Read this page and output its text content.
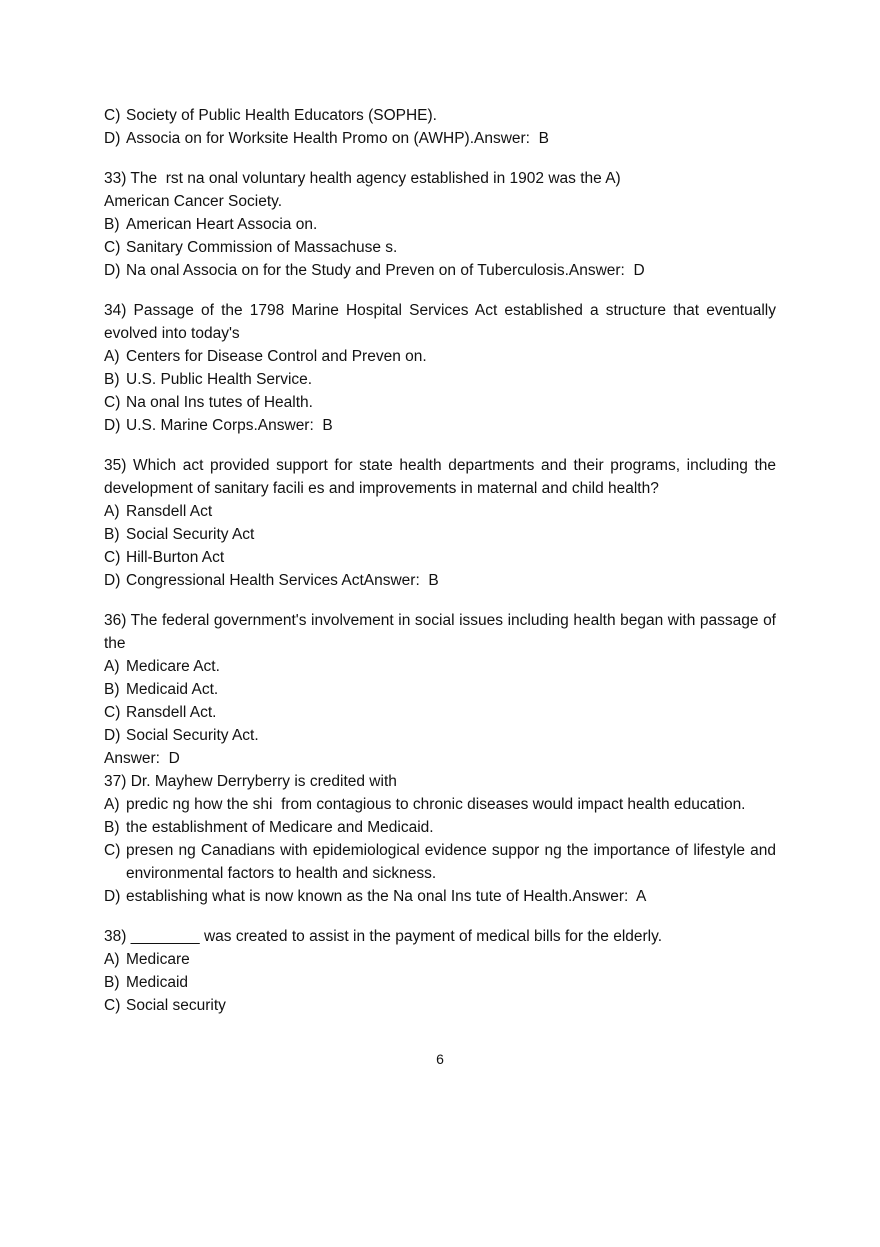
C) Society of Public Health Educators (SOPHE).
D) Associa on for Worksite Health Promo on (AWHP).Answer:  B
33) The  rst na onal voluntary health agency established in 1902 was the A)
American Cancer Society.
B) American Heart Associa on.
C) Sanitary Commission of Massachuse s.
D) Na onal Associa on for the Study and Preven on of Tuberculosis.Answer:  D
34) Passage of the 1798 Marine Hospital Services Act established a structure that eventually evolved into today's
A) Centers for Disease Control and Preven on.
B) U.S. Public Health Service.
C) Na onal Ins tutes of Health.
D) U.S. Marine Corps.Answer:  B
35) Which act provided support for state health departments and their programs, including the development of sanitary facili es and improvements in maternal and child health?
A) Ransdell Act
B) Social Security Act
C) Hill-Burton Act
D) Congressional Health Services ActAnswer:  B
36) The federal government's involvement in social issues including health began with passage of the
A) Medicare Act.
B) Medicaid Act.
C) Ransdell Act.
D) Social Security Act.
Answer:  D
37) Dr. Mayhew Derryberry is credited with
A) predic ng how the shi  from contagious to chronic diseases would impact health education.
B) the establishment of Medicare and Medicaid.
C) presen ng Canadians with epidemiological evidence suppor ng the importance of lifestyle and environmental factors to health and sickness.
D) establishing what is now known as the Na onal Ins tute of Health.Answer:  A
38) ________ was created to assist in the payment of medical bills for the elderly.
A) Medicare
B) Medicaid
C) Social security
6
